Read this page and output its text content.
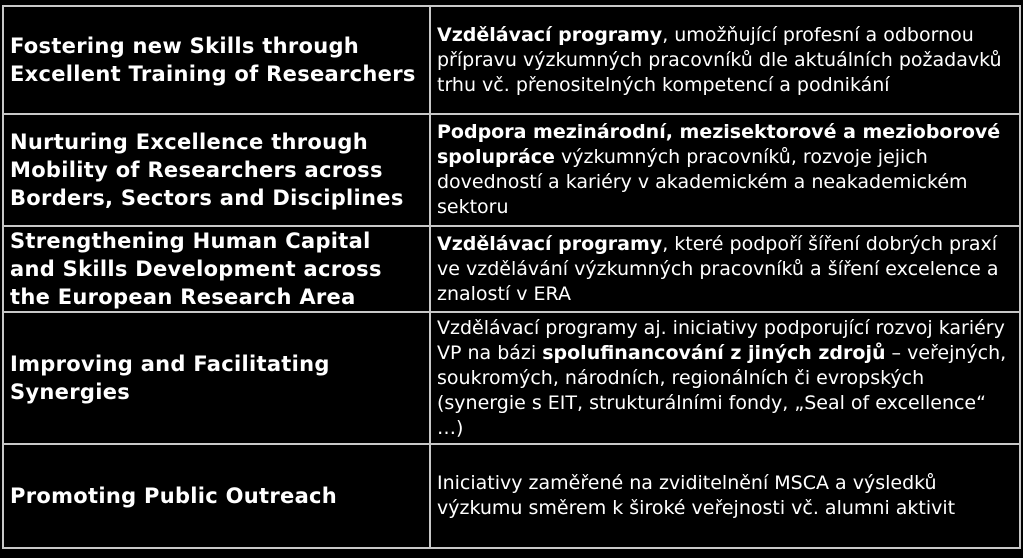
Fostering new Skills through Excellent Training of Researchers	Vzdělávací programy, umožňující profesní a odbornou přípravu výzkumných pracovníků dle aktuálních požadavků trhu vč. přenositelných kompetencí a podnikání
Nurturing Excellence through Mobility of Researchers across Borders, Sectors and Disciplines	Podpora mezinárodní, mezisektorové a mezioborové spolupráce výzkumných pracovníků, rozvoje jejich dovedností a kariéry v akademickém a neakademickém sektoru
Strengthening Human Capital and Skills Development across the European Research Area	Vzdělávací programy, které podpoří šíření dobrých praxí ve vzdělávání výzkumných pracovníků a šíření excelence a znalostí v ERA
Improving and Facilitating Synergies	Vzdělávací programy aj. iniciativy podporující rozvoj kariéry VP na bázi spolufinancování z jiných zdrojů – veřejných, soukromých, národních, regionálních či evropských (synergie s EIT, strukturálními fondy, „Seal of excellence“ …)
Promoting Public Outreach	Iniciativy zaměřené na zviditelnění MSCA a výsledků výzkumu směrem k široké veřejnosti vč. alumni aktivit
